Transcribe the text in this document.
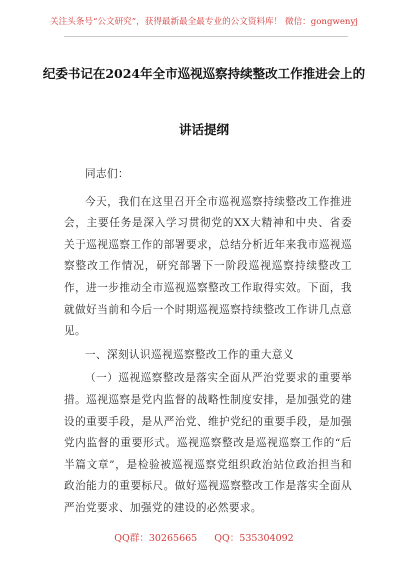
关注头条号“公文研究”，获得最新最全最专业的公文资料库！ 微信：gongwenyj
纪委书记在2024年全市巡视巡察持续整改工作推进会上的
讲话提纲

同志们：

今天，我们在这里召开全市巡视巡察持续整改工作推进会，主要任务是深入学习贯彻党的XX大精神和中央、省委关于巡视巡察工作的部署要求，总结分析近年来我市巡视巡察整改工作情况，研究部署下一阶段巡视巡察持续整改工作，进一步推动全市巡视巡察整改工作取得实效。下面，我就做好当前和今后一个时期巡视巡察持续整改工作讲几点意见。

一、深刻认识巡视巡察整改工作的重大意义

（一）巡视巡察整改是落实全面从严治党要求的重要举措。巡视巡察是党内监督的战略性制度安排，是加强党的建设的重要手段，是从严治党、维护党纪的重要手段，是加强党内监督的重要形式。巡视巡察整改是巡视巡察工作的“后半篇文章”，是检验被巡视巡察党组织政治站位政治担当和政治能力的重要标尺。做好巡视巡察整改工作是落实全面从严治党要求、加强党的建设的必然要求。

QQ群：30265665 QQ：535304092
